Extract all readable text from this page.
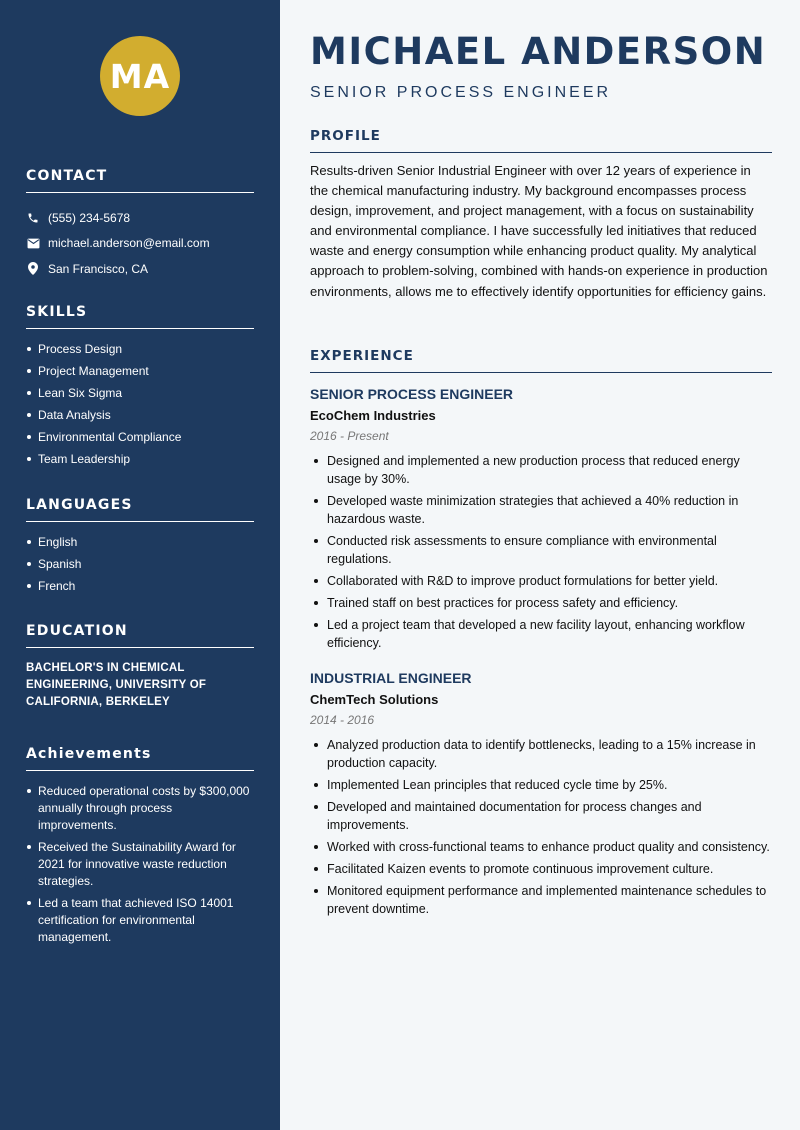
MA
CONTACT
(555) 234-5678
michael.anderson@email.com
San Francisco, CA
SKILLS
Process Design
Project Management
Lean Six Sigma
Data Analysis
Environmental Compliance
Team Leadership
LANGUAGES
English
Spanish
French
EDUCATION
BACHELOR'S IN CHEMICAL ENGINEERING, UNIVERSITY OF CALIFORNIA, BERKELEY
Achievements
Reduced operational costs by $300,000 annually through process improvements.
Received the Sustainability Award for 2021 for innovative waste reduction strategies.
Led a team that achieved ISO 14001 certification for environmental management.
MICHAEL ANDERSON
SENIOR PROCESS ENGINEER
PROFILE

Results-driven Senior Industrial Engineer with over 12 years of experience in the chemical manufacturing industry. My background encompasses process design, improvement, and project management, with a focus on sustainability and environmental compliance. I have successfully led initiatives that reduced waste and energy consumption while enhancing product quality. My analytical approach to problem-solving, combined with hands-on experience in production environments, allows me to effectively identify opportunities for efficiency gains.

EXPERIENCE
SENIOR PROCESS ENGINEER
EcoChem Industries
2016 - Present
Designed and implemented a new production process that reduced energy usage by 30%.
Developed waste minimization strategies that achieved a 40% reduction in hazardous waste.
Conducted risk assessments to ensure compliance with environmental regulations.
Collaborated with R&D to improve product formulations for better yield.
Trained staff on best practices for process safety and efficiency.
Led a project team that developed a new facility layout, enhancing workflow efficiency.
INDUSTRIAL ENGINEER
ChemTech Solutions
2014 - 2016
Analyzed production data to identify bottlenecks, leading to a 15% increase in production capacity.
Implemented Lean principles that reduced cycle time by 25%.
Developed and maintained documentation for process changes and improvements.
Worked with cross-functional teams to enhance product quality and consistency.
Facilitated Kaizen events to promote continuous improvement culture.
Monitored equipment performance and implemented maintenance schedules to prevent downtime.
